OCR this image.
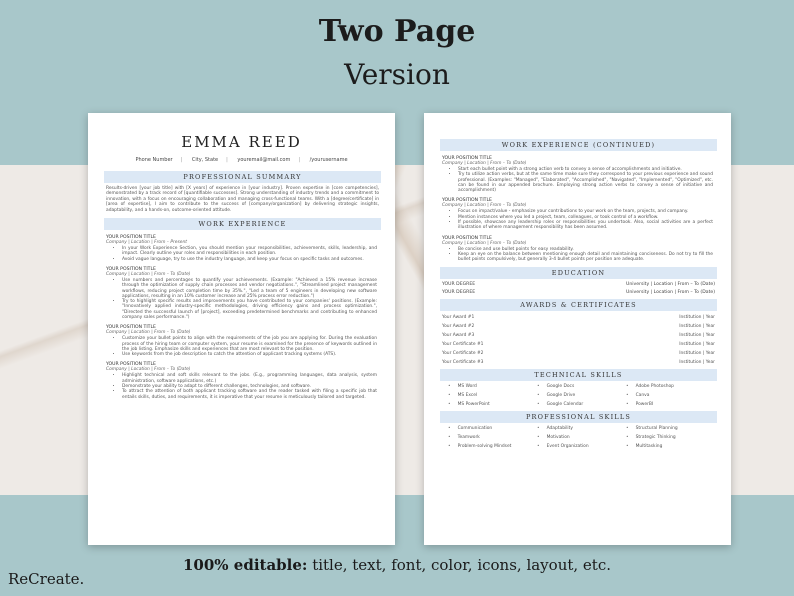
Two Page
Version
EMMA REED
Phone Number | City, State | youremail@mail.com | /yourusername
PROFESSIONAL SUMMARY
Results-driven [your job title] with [X years] of experience in [your industry]. Proven expertise in [core competencies], demonstrated by a track record of [quantifiable successes]. Strong understanding of industry trends and a commitment to innovation, with a focus on encouraging collaboration and managing cross-functional teams. With a [degree/certificate] in [area of expertise], I aim to contribute to the success of [company/organization] by delivering strategic insights, adaptability, and a hands-on, outcome-oriented attitude.
WORK EXPERIENCE
YOUR POSITION TITLE
Company | Location | From – Present
• In your Work Experience Section, you should mention your responsibilities, achievements, skills, leadership, and impact. Clearly outline your roles and responsibilities in each position.
• Avoid vague language, try to use the industry language, and keep your focus on specific tasks and outcomes.
YOUR POSITION TITLE
Company | Location | From – To (Date)
• Use numbers and percentages to quantify your achievements. (Example: "Achieved a 15% revenue increase through the optimization of supply chain processes and vendor negotiations.", "Streamlined project management workflows, reducing project completion time by 35%.", "Led a team of 5 engineers in developing new software applications, resulting in an 10% customer increase and 25% process error reduction.")
• Try to highlight specific results and improvements you have contributed to your companies' positions. (Example: "Innovatively applied industry-specific methodologies, driving efficiency gains and process optimization.", "Directed the successful launch of [project], exceeding predetermined benchmarks and contributing to enhanced company sales performance.")
YOUR POSITION TITLE
Company | Location | From – To (Date)
• Customize your bullet points to align with the requirements of the job you are applying for. During the evaluation process of the hiring team or computer system, your resume is examined for the presence of keywords outlined in the job listing. Emphasize skills and experiences that are most relevant to the position.
• Use keywords from the job description to catch the attention of applicant tracking systems (ATS).
YOUR POSITION TITLE
Company | Location | From – To (Date)
• Highlight technical and soft skills relevant to the jobs. (E.g., programming languages, data analysis, system administration, software applications, etc.)
• Demonstrate your ability to adapt to different challenges, technologies, and software.
• To attract the attention of both applicant tracking software and the reader tasked with filing a specific job that entails skills, duties, and requirements, it is imperative that your resume is meticulously tailored and targeted.
WORK EXPERIENCE (CONTINUED)
YOUR POSITION TITLE
Company | Location | From – To (Date)
• Start each bullet point with a strong action verb to convey a sense of accomplishments and initiative.
• Try to utilize action verbs, but at the same time make sure they correspond to your previous experience and sound professional. (Examples: "Managed", "Elaborated", "Accomplished", "Navigated", "Implemented", "Optimized", etc. can be found in our appended brochure. Employing strong action verbs to convey a sense of initiative and accomplishment)
YOUR POSITION TITLE
Company | Location | From – To (Date)
• Focus on impact/value - emphasize your contributions to your work on the team, projects, and company.
• Mention instances where you led a project, team, colleagues, or took control of a workflow.
• If possible, showcase any leadership roles or responsibilities you undertook. Also, social activities are a perfect illustration of where management responsibility has been assumed.
YOUR POSITION TITLE
Company | Location | From – To (Date)
• Be concise and use bullet points for easy readability.
• Keep an eye on the balance between mentioning enough detail and maintaining conciseness. Do not try to fill the bullet points compulsively, but generally 3-4 bullet points per position are adequate.
EDUCATION
YOUR DEGREE	University | Location | From – To (Date)
YOUR DEGREE	University | Location | From – To (Date)
AWARDS & CERTIFICATES
Your Award #1	Institution | Year
Your Award #2	Institution | Year
Your Award #3	Institution | Year
Your Certificate #1	Institution | Year
Your Certificate #2	Institution | Year
Your Certificate #3	Institution | Year
TECHNICAL SKILLS
• MS Word	• Google Docs	• Adobe Photoshop
• MS Excel	• Google Drive	• Canva
• MS PowerPoint	• Google Calendar	• PowerBI
PROFESSIONAL SKILLS
• Communication	• Adaptability	• Structural Planning
• Teamwork	• Motivation	• Strategic Thinking
• Problem-solving Mindset	• Event Organization	• Multitasking
100% editable: title, text, font, color, icons, layout, etc.
ReCreate.
